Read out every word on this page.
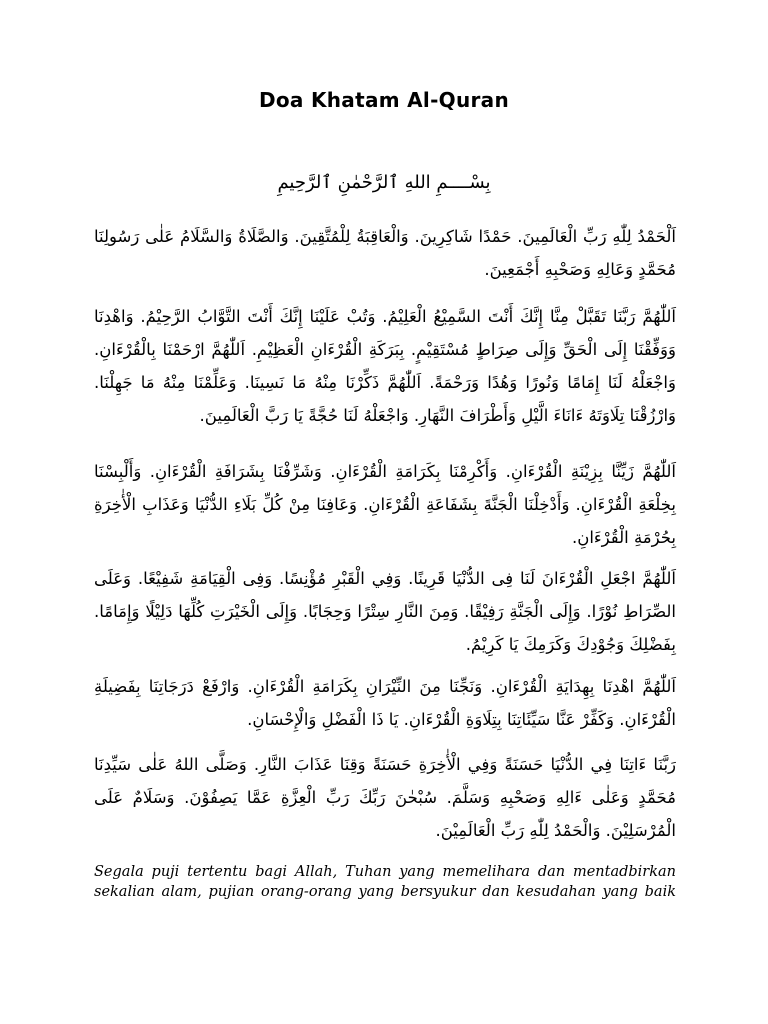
Doa Khatam Al-Quran
بِسْــــمِ اللهِ ٱلرَّحْمٰنِ ٱلرَّحِيمِ

اَلْحَمْدُ لِلّٰهِ رَبِّ الْعَالَمِينَ. حَمْدًا شَاكِرِينَ. وَالْعَاقِبَةُ لِلْمُتَّقِينَ. وَالصَّلَاةُ وَالسَّلَامُ عَلٰى رَسُولِنَا مُحَمَّدٍ وَعَالِهِ وَصَحْبِهِ أَجْمَعِينَ.

اَللّٰهُمَّ رَبَّنَا تَقَبَّلْ مِنَّا إِنَّكَ أَنْتَ السَّمِيْعُ الْعَلِيْمُ. وَتُبْ عَلَيْنَا إِنَّكَ أَنْتَ التَّوَّابُ الرَّحِيْمُ. وَاهْدِنَا وَوَفِّقْنَا إِلَى الْحَقِّ وَإِلَى صِرَاطٍ مُسْتَقِيْمٍ. بِبَرَكَةِ الْقُرْءَانِ الْعَظِيْمِ. اَللّٰهُمَّ ارْحَمْنَا بِالْقُرْءَانِ. وَاجْعَلْهُ لَنَا إِمَامًا وَنُورًا وَهُدًا وَرَحْمَةً. اَللّٰهُمَّ ذَكِّرْنَا مِنْهُ مَا نَسِينَا. وَعَلِّمْنَا مِنْهُ مَا جَهِلْنَا. وَارْزُقْنَا تِلَاوَتَهُ ءَانَاءَ الَّيْلِ وَأَطْرَافَ النَّهَارِ. وَاجْعَلْهُ لَنَا حُجَّةً يَا رَبَّ الْعَالَمِينَ.

اَللّٰهُمَّ زَيِّنَّا بِزِيْنَةِ الْقُرْءَانِ. وَأَكْرِمْنَا بِكَرَامَةِ الْقُرْءَانِ. وَشَرِّفْنَا بِشَرَافَةِ الْقُرْءَانِ. وَأَلْبِسْنَا بِخِلْعَةِ الْقُرْءَانِ. وَأَدْخِلْنَا الْجَنَّةَ بِشَفَاعَةِ الْقُرْءَانِ. وَعَافِنَا مِنْ كُلِّ بَلَاءِ الدُّنْيَا وَعَذَابِ الْأٰخِرَةِ بِحُرْمَةِ الْقُرْءَانِ.

اَللّٰهُمَّ اجْعَلِ الْقُرْءَانَ لَنَا فِى الدُّنْيَا قَرِينًا. وَفِي الْقَبْرِ مُؤْنِسًا. وَفِى الْقِيَامَةِ شَفِيْعًا. وَعَلَى الصِّرَاطِ نُوْرًا. وَإِلَى الْجَنَّةِ رَفِيْقًا. وَمِنَ النَّارِ سِتْرًا وَحِجَابًا. وَإِلَى الْخَيْرَتِ كُلِّهَا دَلِيْلًا وَإِمَامًا. بِفَضْلِكَ وَجُوْدِكَ وَكَرَمِكَ يَا كَرِيْمُ.

اَللّٰهُمَّ اهْدِنَا بِهِدَايَةِ الْقُرْءَانِ. وَنَجِّنَا مِنَ النِّيْرَانِ بِكَرَامَةِ الْقُرْءَانِ. وَارْفَعْ دَرَجَاتِنَا بِفَضِيلَةِ الْقُرْءَانِ. وَكَفِّرْ عَنَّا سَيِّئَاتِنَا بِتِلَاوَةِ الْقُرْءَانِ. يَا ذَا الْفَضْلِ وَالْإِحْسَانِ.

رَبَّنَا ءَاتِنَا فِي الدُّنْيَا حَسَنَةً وَفِي الْأٰخِرَةِ حَسَنَةً وَقِنَا عَذَابَ النَّارِ. وَصَلَّى اللهُ عَلٰى سَيِّدِنَا مُحَمَّدٍ وَعَلٰى ءَالِهِ وَصَحْبِهِ وَسَلَّمَ. سُبْحٰنَ رَبِّكَ رَبِّ الْعِزَّةِ عَمَّا يَصِفُوْنَ. وَسَلَامٌ عَلَى الْمُرْسَلِيْنَ. وَالْحَمْدُ لِلّٰهِ رَبِّ الْعَالَمِيْنَ.

Segala puji tertentu bagi Allah, Tuhan yang memelihara dan mentadbirkan sekalian alam, pujian orang-orang yang bersyukur dan kesudahan yang baik
